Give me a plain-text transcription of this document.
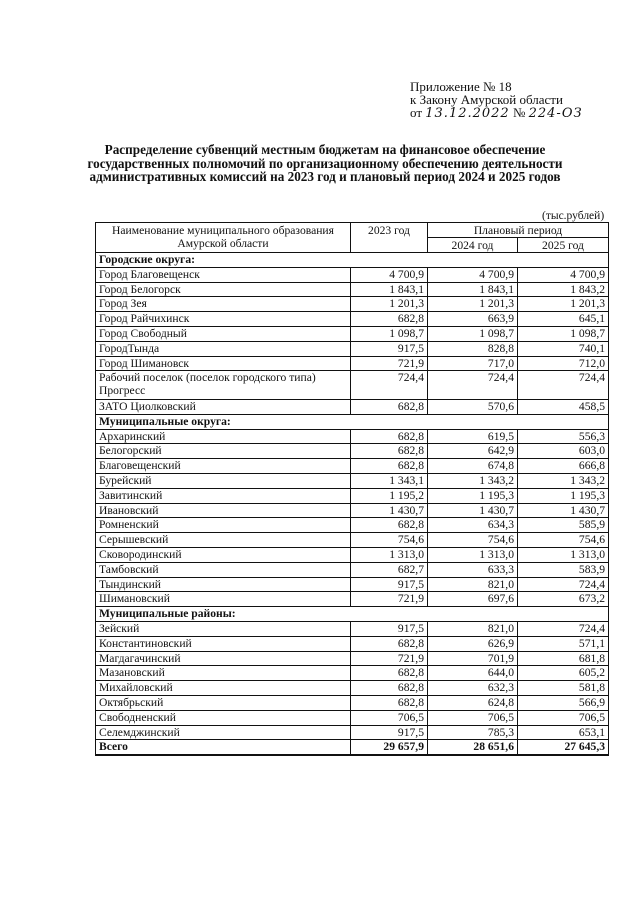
Приложение № 18
к Закону Амурской области
от 13.12.2022 № 224-ОЗ
Распределение субвенций местным бюджетам на финансовое обеспечение государственных полномочий по организационному обеспечению деятельности административных комиссий на 2023 год и плановый период 2024 и 2025 годов
(тыс.рублей)
Наименование муниципального образования Амурской области	2023 год	Плановый период	
		2024 год	2025 год
Городские округа:			
Город Благовещенск	4 700,9	4 700,9	4 700,9
Город Белогорск	1 843,1	1 843,1	1 843,2
Город Зея	1 201,3	1 201,3	1 201,3
Город Райчихинск	682,8	663,9	645,1
Город Свободный	1 098,7	1 098,7	1 098,7
ГородТында	917,5	828,8	740,1
Город Шимановск	721,9	717,0	712,0
Рабочий поселок (поселок городского типа) Прогресс	724,4	724,4	724,4
ЗАТО Циолковский	682,8	570,6	458,5
Муниципальные округа:			
Архаринский	682,8	619,5	556,3
Белогорский	682,8	642,9	603,0
Благовещенский	682,8	674,8	666,8
Бурейский	1 343,1	1 343,2	1 343,2
Завитинский	1 195,2	1 195,3	1 195,3
Ивановский	1 430,7	1 430,7	1 430,7
Ромненский	682,8	634,3	585,9
Серышевский	754,6	754,6	754,6
Сковородинский	1 313,0	1 313,0	1 313,0
Тамбовский	682,7	633,3	583,9
Тындинский	917,5	821,0	724,4
Шимановский	721,9	697,6	673,2
Муниципальные районы:			
Зейский	917,5	821,0	724,4
Константиновский	682,8	626,9	571,1
Магдагачинский	721,9	701,9	681,8
Мазановский	682,8	644,0	605,2
Михайловский	682,8	632,3	581,8
Октябрьский	682,8	624,8	566,9
Свободненский	706,5	706,5	706,5
Селемджинский	917,5	785,3	653,1
Всего	29 657,9	28 651,6	27 645,3
